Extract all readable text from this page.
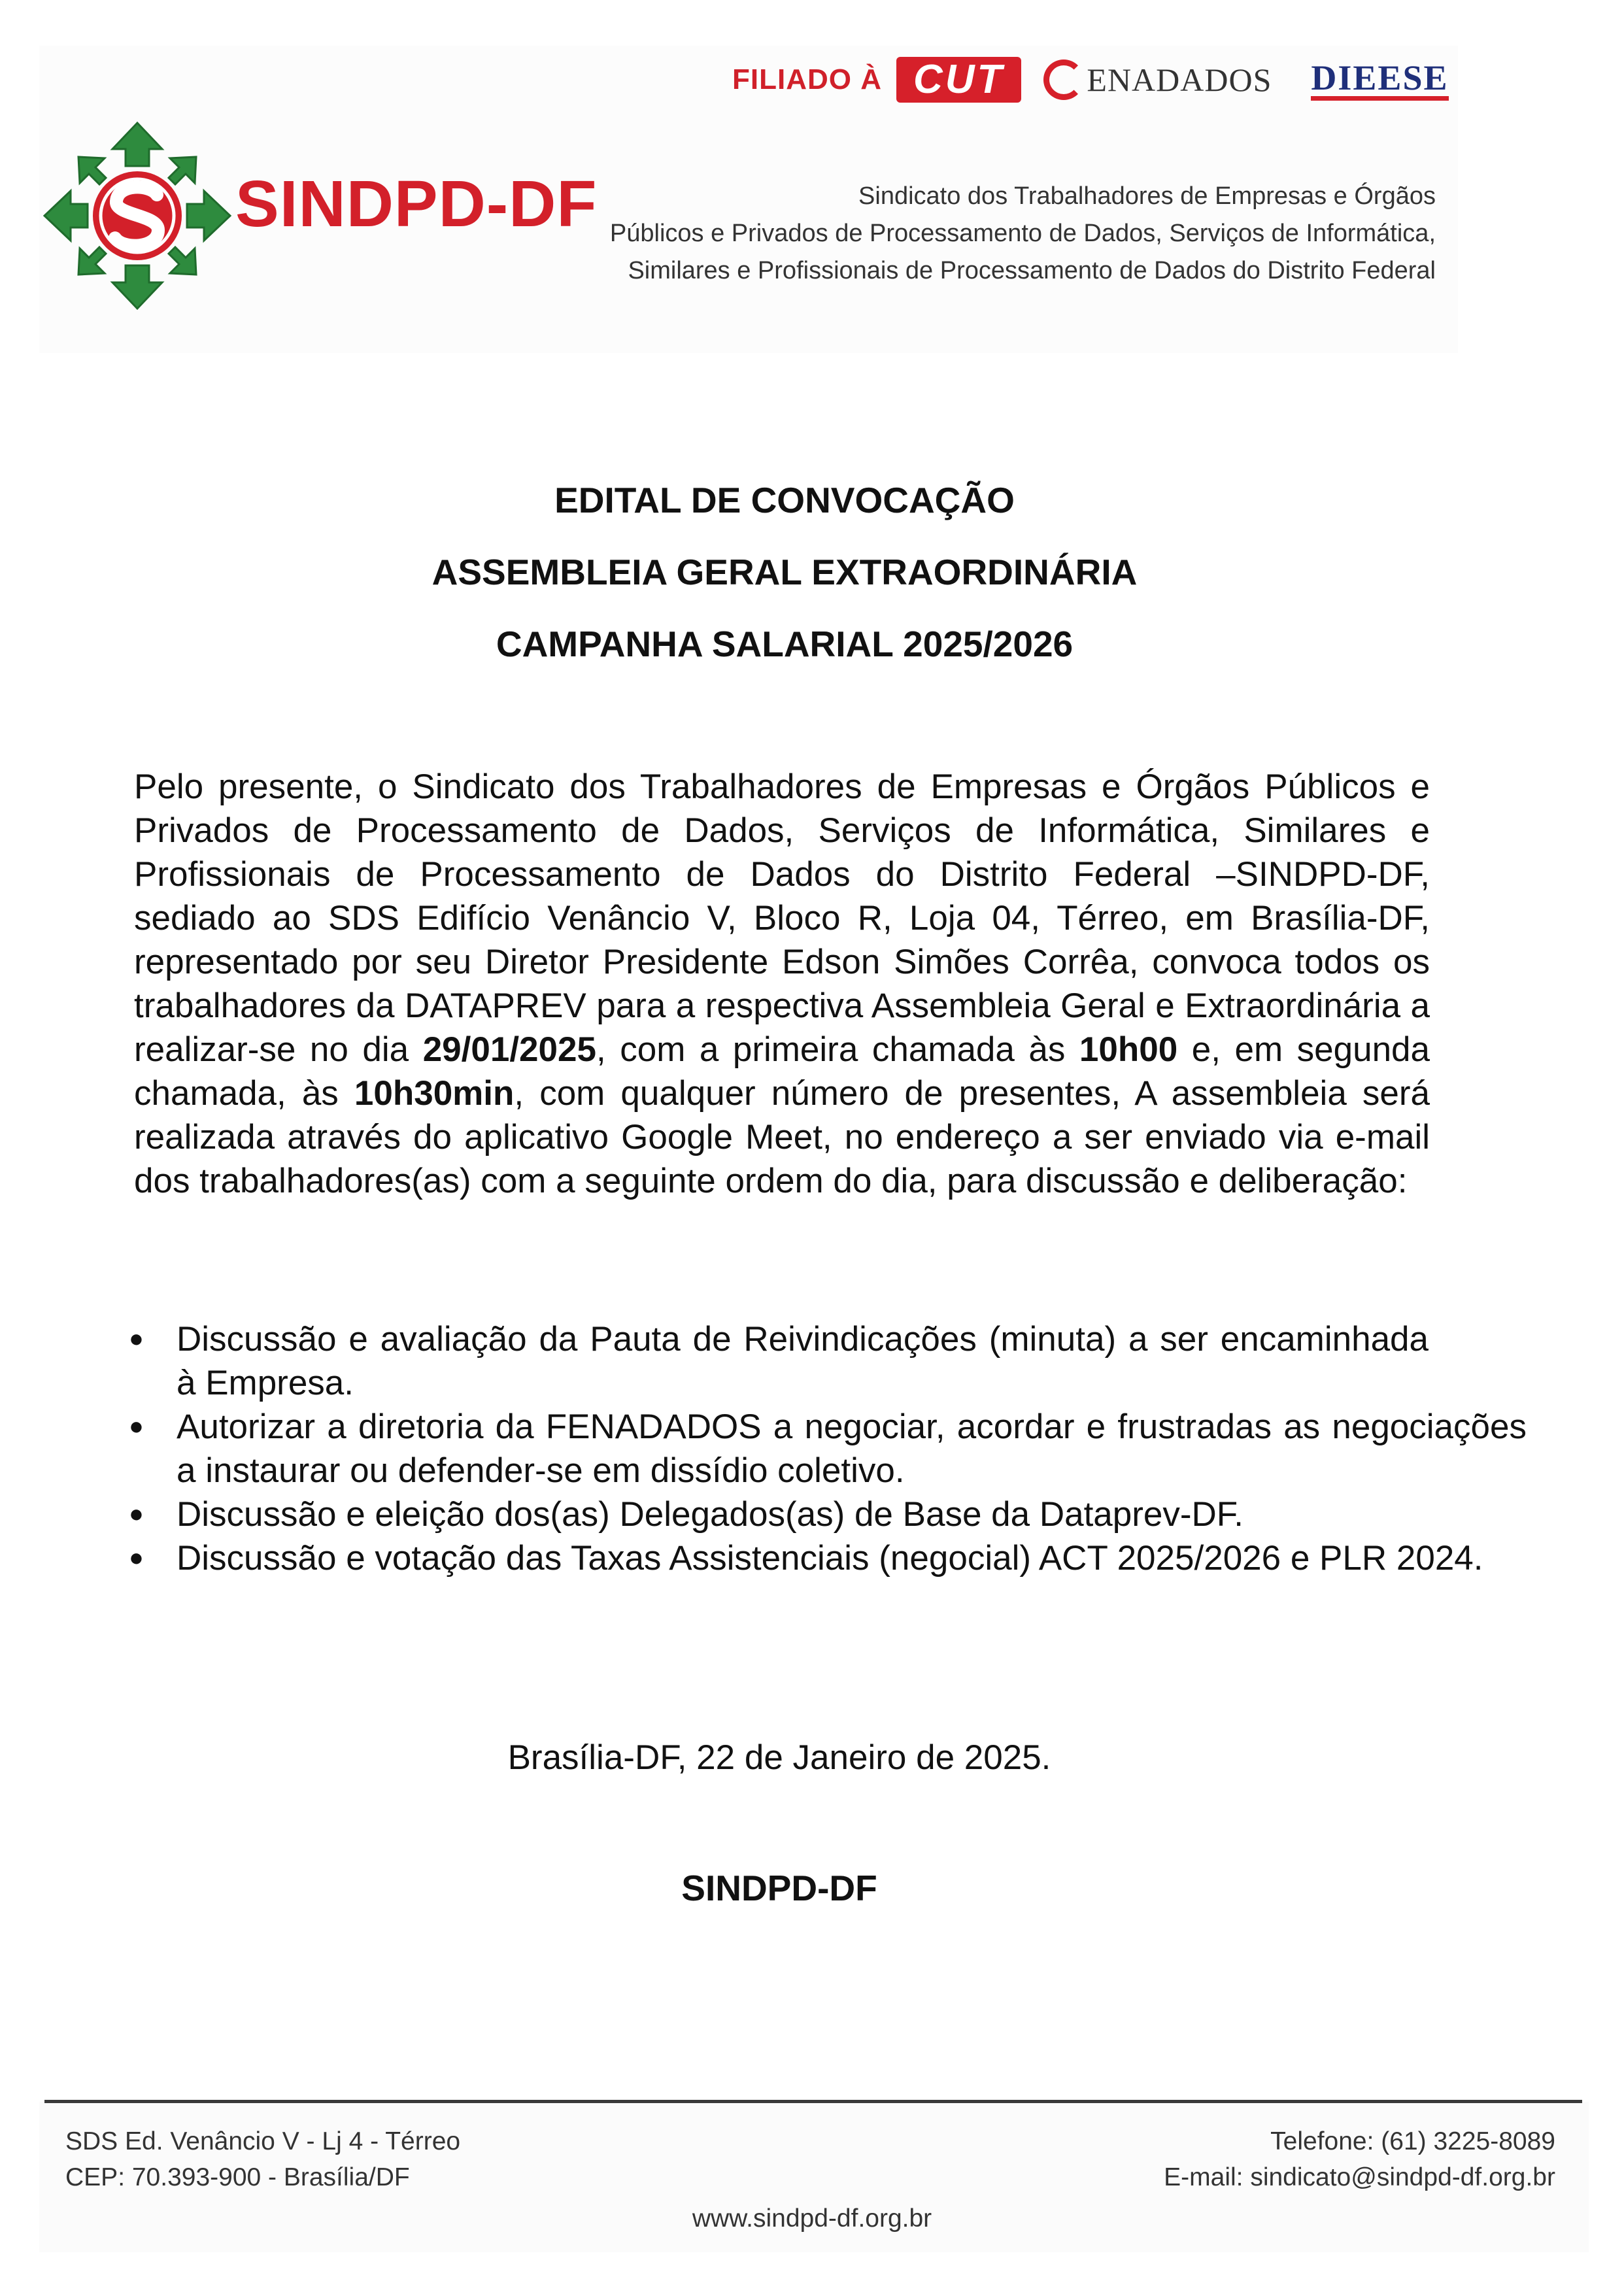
FILIADO À CUT	ENADADOS DIEESE
SINDPD-DF	Sindicato dos Trabalhadores de Empresas e Órgãos
Públicos e Privados de Processamento de Dados, Serviços de Informática,
Similares e Profissionais de Processamento de Dados do Distrito Federal
EDITAL DE CONVOCAÇÃO
ASSEMBLEIA GERAL EXTRAORDINÁRIA
CAMPANHA SALARIAL 2025/2026
Pelo presente, o Sindicato dos Trabalhadores de Empresas e Órgãos Públicos e Privados de Processamento de Dados, Serviços de Informática, Similares e Profissionais de Processamento de Dados do Distrito Federal –SINDPD-DF, sediado ao SDS Edifício Venâncio V, Bloco R, Loja 04, Térreo, em Brasília-DF, representado por seu Diretor Presidente Edson Simões Corrêa, convoca todos os trabalhadores da DATAPREV para a respectiva Assembleia Geral e Extraordinária a realizar-se no dia 29/01/2025, com a primeira chamada às 10h00 e, em segunda chamada, às 10h30min, com qualquer número de presentes, A assembleia será realizada através do aplicativo Google Meet, no endereço a ser enviado via e-mail dos trabalhadores(as) com a seguinte ordem do dia, para discussão e deliberação:
● Discussão e avaliação da Pauta de Reivindicações (minuta) a ser encaminhada à Empresa.
● Autorizar a diretoria da FENADADOS a negociar, acordar e frustradas as negociações a instaurar ou defender-se em dissídio coletivo.
● Discussão e eleição dos(as) Delegados(as) de Base da Dataprev-DF.
● Discussão e votação das Taxas Assistenciais (negocial) ACT 2025/2026 e PLR 2024.
Brasília-DF, 22 de Janeiro de 2025.
SINDPD-DF
SDS Ed. Venâncio V - Lj 4 - Térreo
CEP: 70.393-900 - Brasília/DF
Telefone: (61) 3225-8089
E-mail: sindicato@sindpd-df.org.br
www.sindpd-df.org.br
